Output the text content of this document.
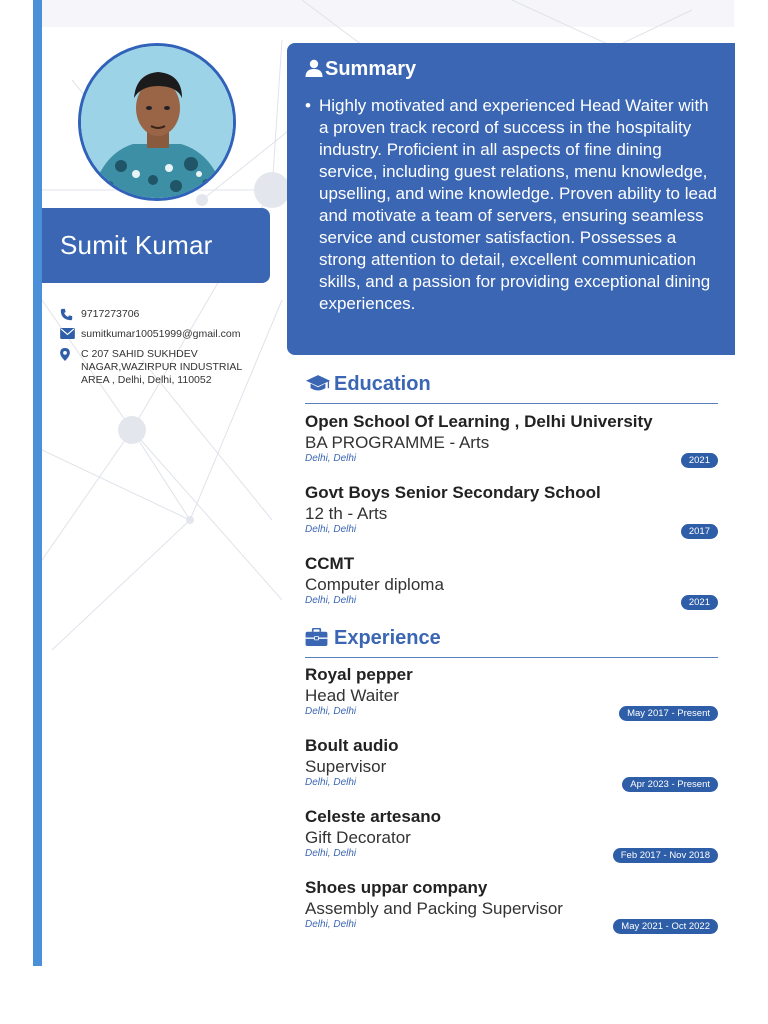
Sumit Kumar
9717273706
sumitkumar10051999@gmail.com
C 207 SAHID SUKHDEV
NAGAR,WAZIRPUR INDUSTRIAL
AREA , Delhi, Delhi, 110052
Summary
• Highly motivated and experienced Head Waiter with a proven track record of success in the hospitality industry. Proficient in all aspects of fine dining service, including guest relations, menu knowledge, upselling, and wine knowledge. Proven ability to lead and motivate a team of servers, ensuring seamless service and customer satisfaction. Possesses a strong attention to detail, excellent communication skills, and a passion for providing exceptional dining experiences.
Education
Open School Of Learning , Delhi University
BA PROGRAMME - Arts
Delhi, Delhi	2021
Govt Boys Senior Secondary School
12 th - Arts
Delhi, Delhi	2017
CCMT
Computer diploma
Delhi, Delhi	2021
Experience
Royal pepper
Head Waiter
Delhi, Delhi	May 2017 - Present
Boult audio
Supervisor
Delhi, Delhi	Apr 2023 - Present
Celeste artesano
Gift Decorator
Delhi, Delhi	Feb 2017 - Nov 2018
Shoes uppar company
Assembly and Packing Supervisor
Delhi, Delhi	May 2021 - Oct 2022
